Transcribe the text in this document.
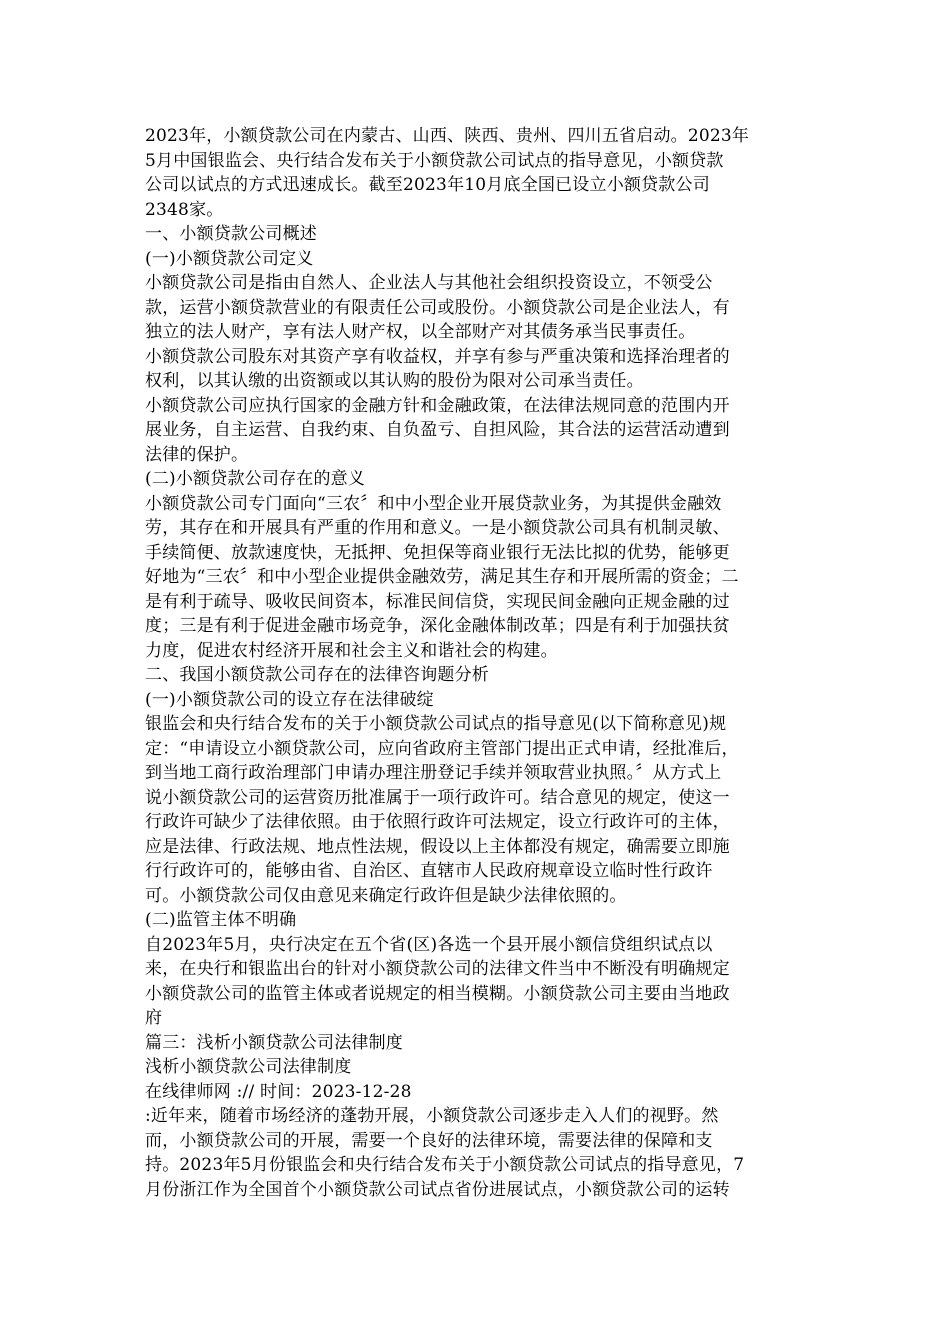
2023年，小额贷款公司在内蒙古、山西、陕西、贵州、四川五省启动。2023年
5月中国银监会、央行结合发布关于小额贷款公司试点的指导意见，小额贷款
公司以试点的方式迅速成长。截至2023年10月底全国已设立小额贷款公司
2348家。
一、小额贷款公司概述
(一)小额贷款公司定义
小额贷款公司是指由自然人、企业法人与其他社会组织投资设立，不领受公
款，运营小额贷款营业的有限责任公司或股份。小额贷款公司是企业法人，有
独立的法人财产，享有法人财产权，以全部财产对其债务承当民事责任。
小额贷款公司股东对其资产享有收益权，并享有参与严重决策和选择治理者的
权利，以其认缴的出资额或以其认购的股份为限对公司承当责任。
小额贷款公司应执行国家的金融方针和金融政策，在法律法规同意的范围内开
展业务，自主运营、自我约束、自负盈亏、自担风险，其合法的运营活动遭到
法律的保护。
(二)小额贷款公司存在的意义
小额贷款公司专门面向“三农〞和中小型企业开展贷款业务，为其提供金融效
劳，其存在和开展具有严重的作用和意义。一是小额贷款公司具有机制灵敏、
手续简便、放款速度快，无抵押、免担保等商业银行无法比拟的优势，能够更
好地为“三农〞和中小型企业提供金融效劳，满足其生存和开展所需的资金；二
是有利于疏导、吸收民间资本，标准民间信贷，实现民间金融向正规金融的过
度；三是有利于促进金融市场竞争，深化金融体制改革；四是有利于加强扶贫
力度，促进农村经济开展和社会主义和谐社会的构建。
二、我国小额贷款公司存在的法律咨询题分析
(一)小额贷款公司的设立存在法律破绽
银监会和央行结合发布的关于小额贷款公司试点的指导意见(以下简称意见)规
定：“申请设立小额贷款公司，应向省政府主管部门提出正式申请，经批准后，
到当地工商行政治理部门申请办理注册登记手续并领取营业执照。〞从方式上
说小额贷款公司的运营资历批准属于一项行政许可。结合意见的规定，使这一
行政许可缺少了法律依照。由于依照行政许可法规定，设立行政许可的主体，
应是法律、行政法规、地点性法规，假设以上主体都没有规定，确需要立即施
行行政许可的，能够由省、自治区、直辖市人民政府规章设立临时性行政许
可。小额贷款公司仅由意见来确定行政许但是缺少法律依照的。
(二)监管主体不明确
自2023年5月，央行决定在五个省(区)各选一个县开展小额信贷组织试点以
来，在央行和银监出台的针对小额贷款公司的法律文件当中不断没有明确规定
小额贷款公司的监管主体或者说规定的相当模糊。小额贷款公司主要由当地政
府
篇三：浅析小额贷款公司法律制度
浅析小额贷款公司法律制度
在线律师网 :// 时间：2023-12-28
:近年来，随着市场经济的蓬勃开展，小额贷款公司逐步走入人们的视野。然
而，小额贷款公司的开展，需要一个良好的法律环境，需要法律的保障和支
持。2023年5月份银监会和央行结合发布关于小额贷款公司试点的指导意见，7
月份浙江作为全国首个小额贷款公司试点省份进展试点，小额贷款公司的运转
